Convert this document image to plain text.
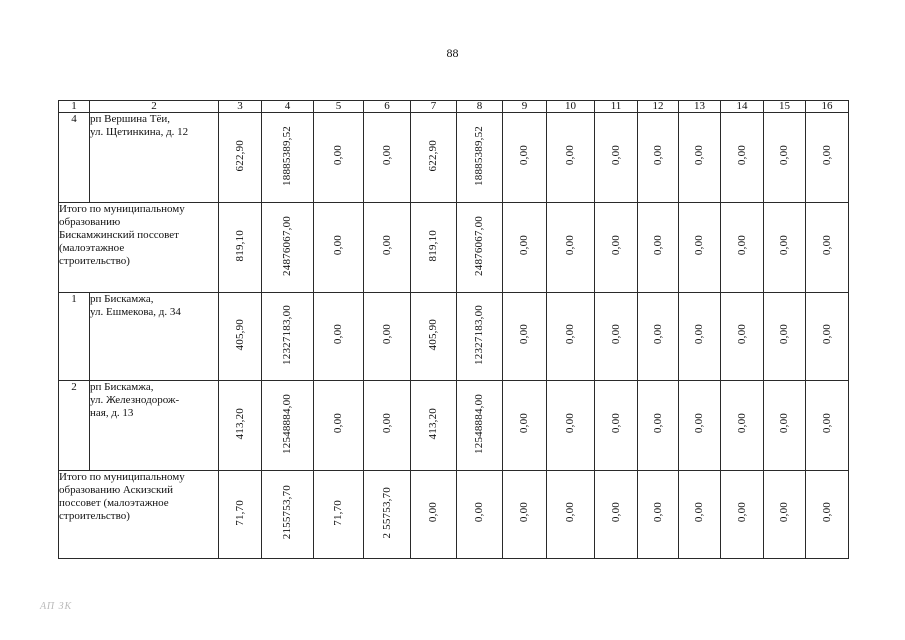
88
1	2	3	4	5	6	7	8	9	10	11	12	13	14	15	16
4	рп Вершина Тёи,
ул. Щетинкина, д. 12	622,90	18885389,52	0,00	0,00	622,90	18885389,52	0,00	0,00	0,00	0,00	0,00	0,00	0,00	0,00
Итого по муниципальному
образованию
Бискамжинский поссовет
(малоэтажное
строительство)		819,10	24876067,00	0,00	0,00	819,10	24876067,00	0,00	0,00	0,00	0,00	0,00	0,00	0,00	0,00
1	рп Бискамжа,
ул. Ешмекова, д. 34	405,90	12327183,00	0,00	0,00	405,90	12327183,00	0,00	0,00	0,00	0,00	0,00	0,00	0,00	0,00
2	рп Бискамжа,
ул. Железнодорож-
ная, д. 13	413,20	12548884,00	0,00	0,00	413,20	12548884,00	0,00	0,00	0,00	0,00	0,00	0,00	0,00	0,00
Итого по муниципальному
образованию Аскизский
поссовет (малоэтажное
строительство)		71,70	2155753,70	71,70	2 55753,70	0,00	0,00	0,00	0,00	0,00	0,00	0,00	0,00	0,00	0,00
АП ЗК
